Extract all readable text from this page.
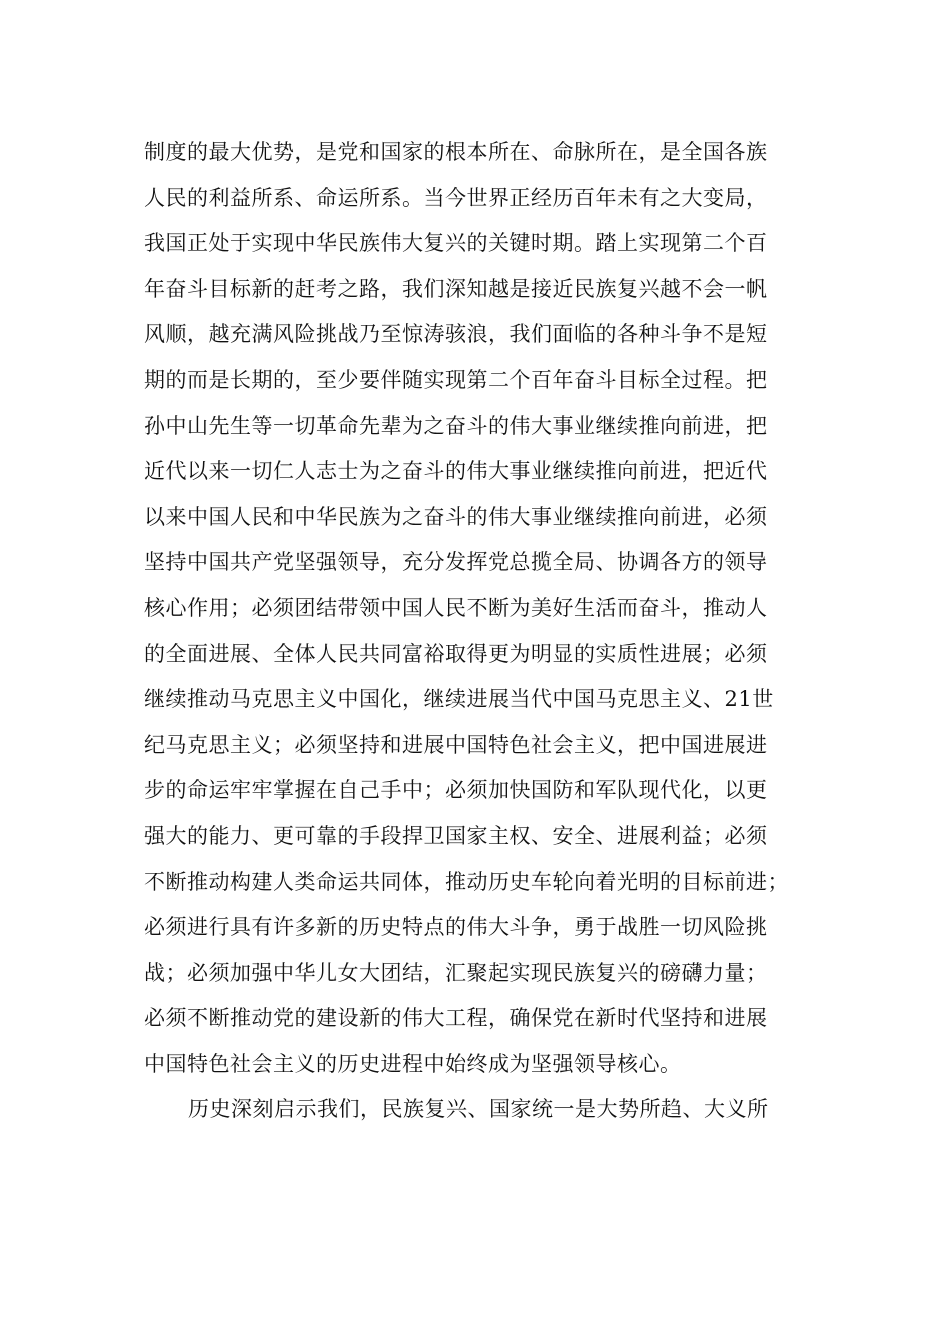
制度的最大优势，是党和国家的根本所在、命脉所在，是全国各族
人民的利益所系、命运所系。当今世界正经历百年未有之大变局，
我国正处于实现中华民族伟大复兴的关键时期。踏上实现第二个百
年奋斗目标新的赶考之路，我们深知越是接近民族复兴越不会一帆
风顺，越充满风险挑战乃至惊涛骇浪，我们面临的各种斗争不是短
期的而是长期的，至少要伴随实现第二个百年奋斗目标全过程。把
孙中山先生等一切革命先辈为之奋斗的伟大事业继续推向前进，把
近代以来一切仁人志士为之奋斗的伟大事业继续推向前进，把近代
以来中国人民和中华民族为之奋斗的伟大事业继续推向前进，必须
坚持中国共产党坚强领导，充分发挥党总揽全局、协调各方的领导
核心作用；必须团结带领中国人民不断为美好生活而奋斗，推动人
的全面进展、全体人民共同富裕取得更为明显的实质性进展；必须
继续推动马克思主义中国化，继续进展当代中国马克思主义、21世
纪马克思主义；必须坚持和进展中国特色社会主义，把中国进展进
步的命运牢牢掌握在自己手中；必须加快国防和军队现代化，以更
强大的能力、更可靠的手段捍卫国家主权、安全、进展利益；必须
不断推动构建人类命运共同体，推动历史车轮向着光明的目标前进；
必须进行具有许多新的历史特点的伟大斗争，勇于战胜一切风险挑
战；必须加强中华儿女大团结，汇聚起实现民族复兴的磅礴力量；
必须不断推动党的建设新的伟大工程，确保党在新时代坚持和进展
中国特色社会主义的历史进程中始终成为坚强领导核心。
历史深刻启示我们，民族复兴、国家统一是大势所趋、大义所
